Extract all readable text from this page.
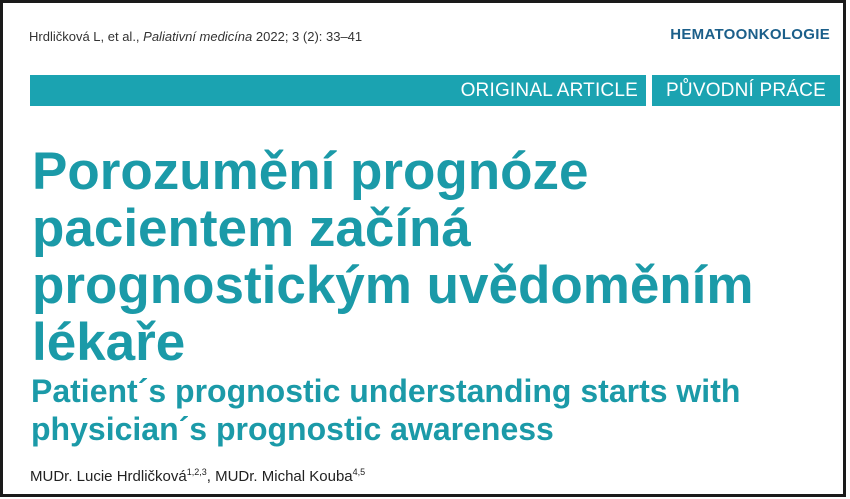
Hrdličková L, et al., Paliativní medicína 2022; 3 (2): 33–41	HEMATOONKOLOGIE
ORIGINAL ARTICLE	PŮVODNÍ PRÁCE
Porozumění prognóze pacientem začíná prognostickým uvědoměním lékaře
Patient´s prognostic understanding starts with physician´s prognostic awareness
MUDr. Lucie Hrdličková$^{1,2,3}$, MUDr. Michal Kouba$^{4,5}$
